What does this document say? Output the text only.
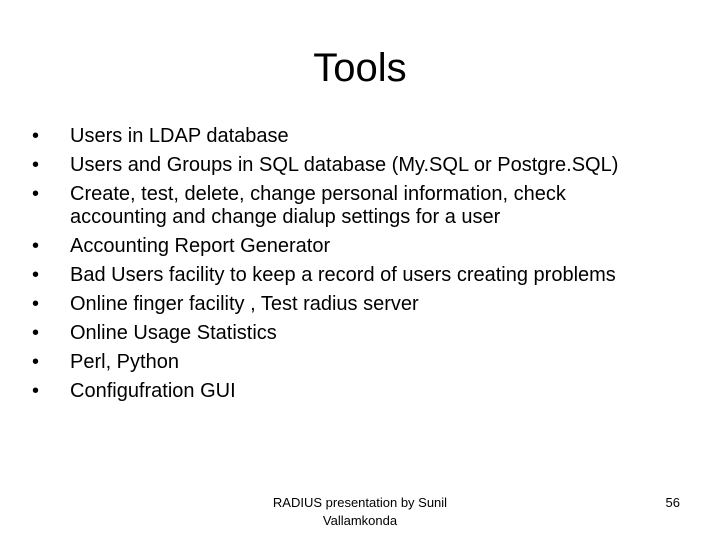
Tools
• Users in LDAP database
• Users and Groups in SQL database (My.SQL or Postgre.SQL)
• Create, test, delete, change personal information, check accounting and change dialup settings for a user
• Accounting Report Generator
• Bad Users facility to keep a record of users creating problems
• Online finger facility , Test radius server
• Online Usage Statistics
• Perl, Python
• Configufration GUI
RADIUS presentation by Sunil Vallamkonda
56
